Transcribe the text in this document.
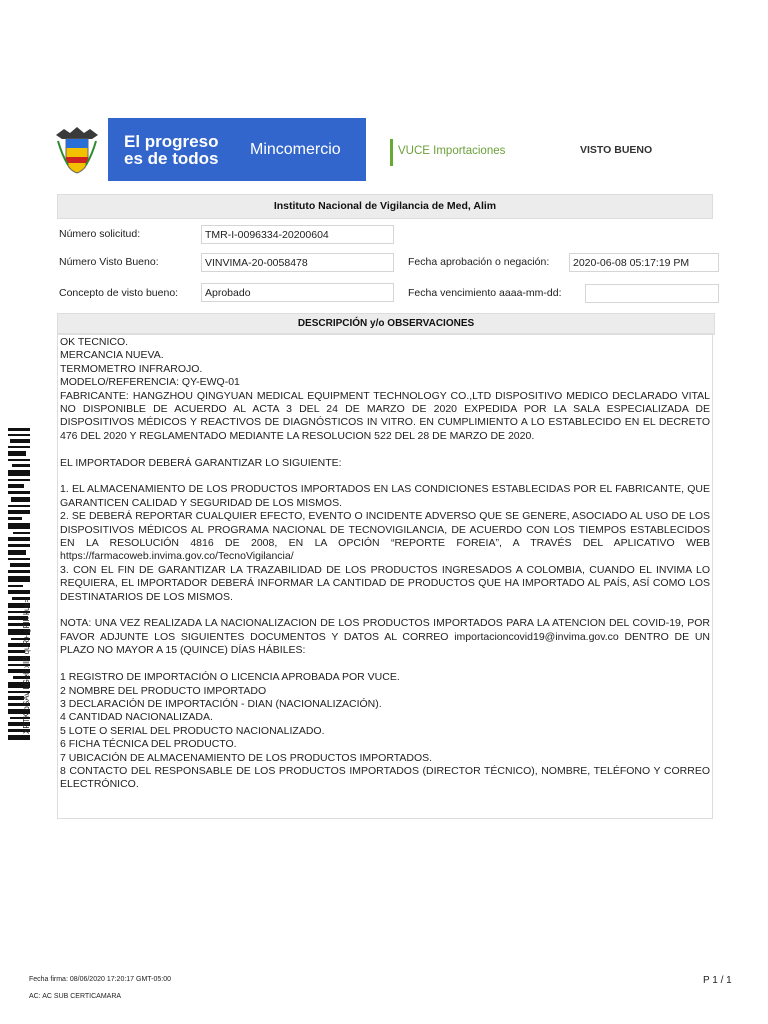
El progreso es de todos	Mincomercio	VUCE Importaciones	VISTO BUENO
Instituto Nacional de Vigilancia de Med, Alim
Número solicitud:	TMR-I-0096334-20200604
Número Visto Bueno:	VINVIMA-20-0058478	Fecha aprobación o negación:	2020-06-08 05:17:19 PM
Concepto de visto bueno:	Aprobado	Fecha vencimiento aaaa-mm-dd:
DESCRIPCIÓN y/o OBSERVACIONES

OK TECNICO.

MERCANCIA NUEVA.

TERMOMETRO INFRAROJO.

MODELO/REFERENCIA: QY-EWQ-01

FABRICANTE: HANGZHOU QINGYUAN MEDICAL EQUIPMENT TECHNOLOGY CO.,LTD DISPOSITIVO MEDICO DECLARADO VITAL NO DISPONIBLE DE ACUERDO AL ACTA 3 DEL 24 DE MARZO DE 2020 EXPEDIDA POR LA SALA ESPECIALIZADA DE DISPOSITIVOS MÉDICOS Y REACTIVOS DE DIAGNÓSTICOS IN VITRO. EN CUMPLIMIENTO A LO ESTABLECIDO EN EL DECRETO 476 DEL 2020 Y REGLAMENTADO MEDIANTE LA RESOLUCION 522 DEL 28 DE MARZO DE 2020.

EL IMPORTADOR DEBERÁ GARANTIZAR LO SIGUIENTE:

1. EL ALMACENAMIENTO DE LOS PRODUCTOS IMPORTADOS EN LAS CONDICIONES ESTABLECIDAS POR EL FABRICANTE, QUE GARANTICEN CALIDAD Y SEGURIDAD DE LOS MISMOS.

2. SE DEBERÁ REPORTAR CUALQUIER EFECTO, EVENTO O INCIDENTE ADVERSO QUE SE GENERE, ASOCIADO AL USO DE LOS DISPOSITIVOS MÉDICOS AL PROGRAMA NACIONAL DE TECNOVIGILANCIA, DE ACUERDO CON LOS TIEMPOS ESTABLECIDOS EN LA RESOLUCIÓN 4816 DE 2008, EN LA OPCIÓN “REPORTE FOREIA”, A TRAVÉS DEL APLICATIVO WEB https://farmacoweb.invima.gov.co/TecnoVigilancia/

3. CON EL FIN DE GARANTIZAR LA TRAZABILIDAD DE LOS PRODUCTOS INGRESADOS A COLOMBIA, CUANDO EL INVIMA LO REQUIERA, EL IMPORTADOR DEBERÁ INFORMAR LA CANTIDAD DE PRODUCTOS QUE HA IMPORTADO AL PAÍS, ASÍ COMO LOS DESTINATARIOS DE LOS MISMOS.

NOTA: UNA VEZ REALIZADA LA NACIONALIZACION DE LOS PRODUCTOS IMPORTADOS PARA LA ATENCION DEL COVID-19, POR FAVOR ADJUNTE LOS SIGUIENTES DOCUMENTOS Y DATOS AL CORREO importacioncovid19@invima.gov.co DENTRO DE UN PLAZO NO MAYOR A 15 (QUINCE) DÍAS HÁBILES:

1 REGISTRO DE IMPORTACIÓN O LICENCIA APROBADA POR VUCE.

2 NOMBRE DEL PRODUCTO IMPORTADO

3 DECLARACIÓN DE IMPORTACIÓN - DIAN (NACIONALIZACIÓN).

4 CANTIDAD NACIONALIZADA.

5 LOTE O SERIAL DEL PRODUCTO NACIONALIZADO.

6 FICHA TÉCNICA DEL PRODUCTO.

7 UBICACIÓN DE ALMACENAMIENTO DE LOS PRODUCTOS IMPORTADOS.

8 CONTACTO DEL RESPONSABLE DE LOS PRODUCTOS IMPORTADOS (DIRECTOR TÉCNICO), NOMBRE, TELÉFONO Y CORREO ELECTRÓNICO.

XRTK bSAv kGe6 xIP quR+ gFIk kuk=
Fecha firma: 08/06/2020 17:20:17 GMT-05:00
AC: AC SUB CERTICAMARA
P 1 / 1
